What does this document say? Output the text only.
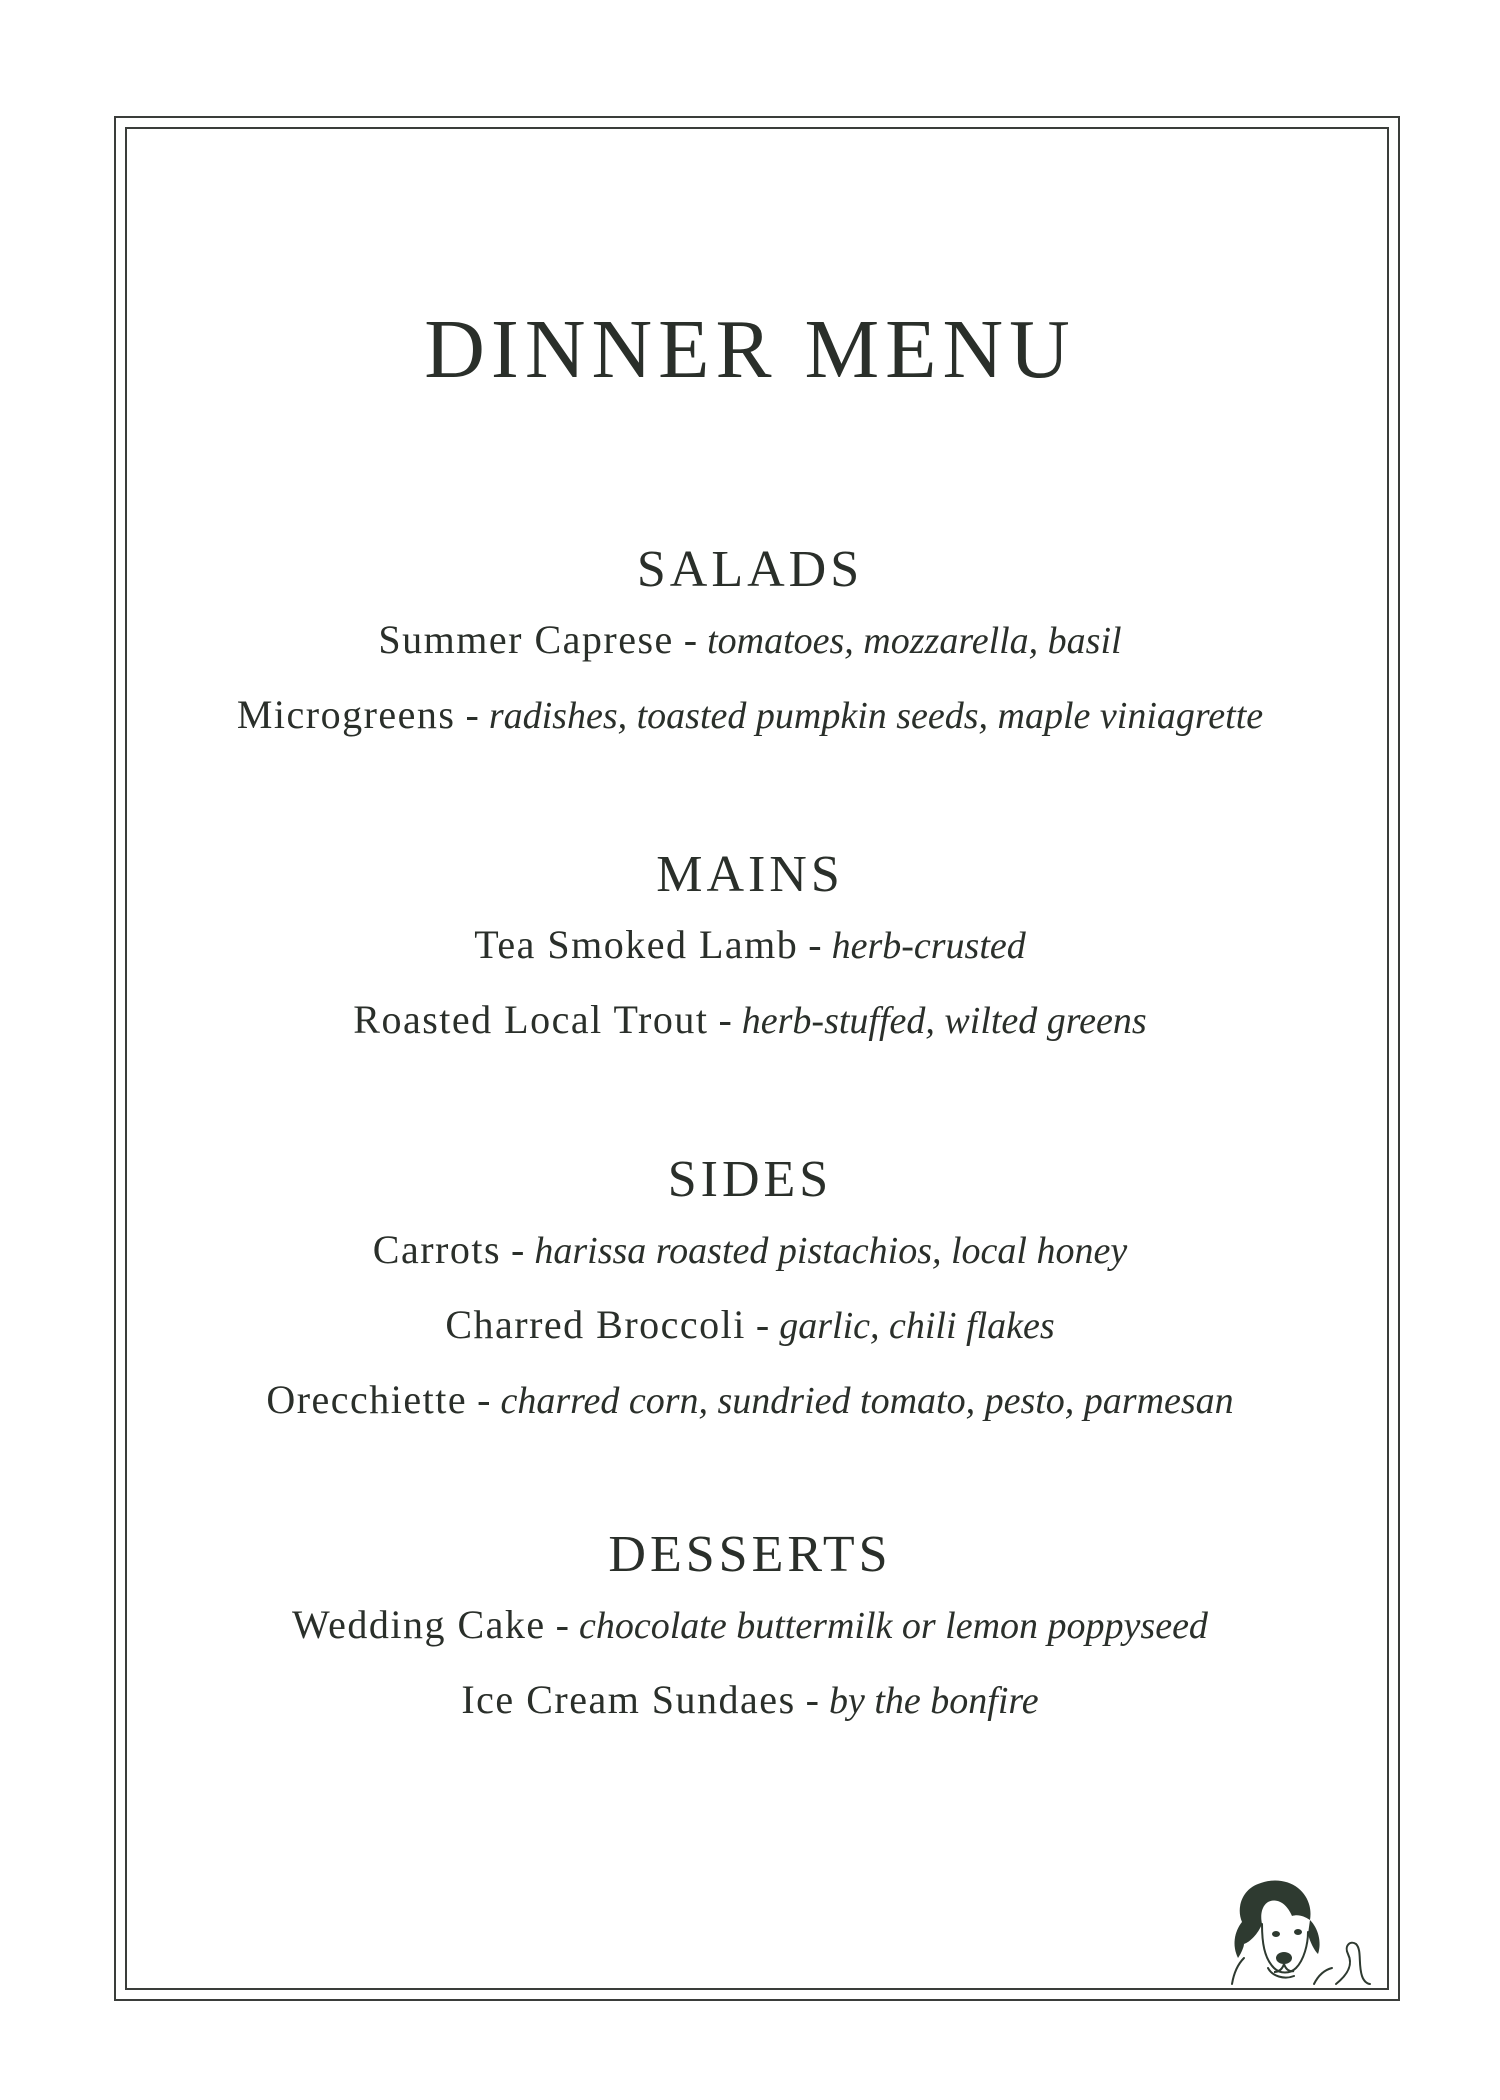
DINNER MENU
SALADS
Summer Caprese - tomatoes, mozzarella, basil
Microgreens - radishes, toasted pumpkin seeds, maple viniagrette
MAINS
Tea Smoked Lamb - herb-crusted
Roasted Local Trout - herb-stuffed, wilted greens
SIDES
Carrots - harissa roasted pistachios, local honey
Charred Broccoli - garlic, chili flakes
Orecchiette - charred corn, sundried tomato, pesto, parmesan
DESSERTS
Wedding Cake - chocolate buttermilk or lemon poppyseed
Ice Cream Sundaes - by the bonfire
